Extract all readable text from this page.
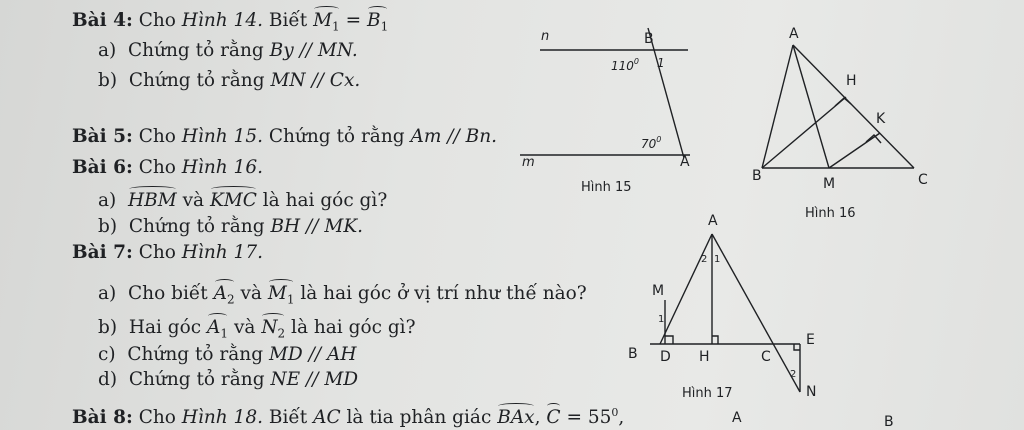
Bài 4: Cho Hình 14. Biết $M_1 = B_1$
a) Chứng tỏ rằng By // MN.
b) Chứng tỏ rằng MN // Cx.
Bài 5: Cho Hình 15. Chứng tỏ rằng Am // Bn.
Bài 6: Cho Hình 16.
a) HBM và KMC là hai góc gì?
b) Chứng tỏ rằng BH // MK.
Bài 7: Cho Hình 17.
a) Cho biết $A_2$ và $M_1$ là hai góc ở vị trí như thế nào?
b) Hai góc $A_1$ và $N_2$ là hai góc gì?
c) Chứng tỏ rằng MD // AH
d) Chứng tỏ rằng NE // MD
Bài 8: Cho Hình 18. Biết AC là tia phân giác BAx, $C = 55^0$,
n
m
B
A
1
$110^0$
$70^0$
Hình 15
A
H
K
B	M	C
Hình 16
A
2 1
M
1
B D H	C
E
2
N
Hình 17
A	B
